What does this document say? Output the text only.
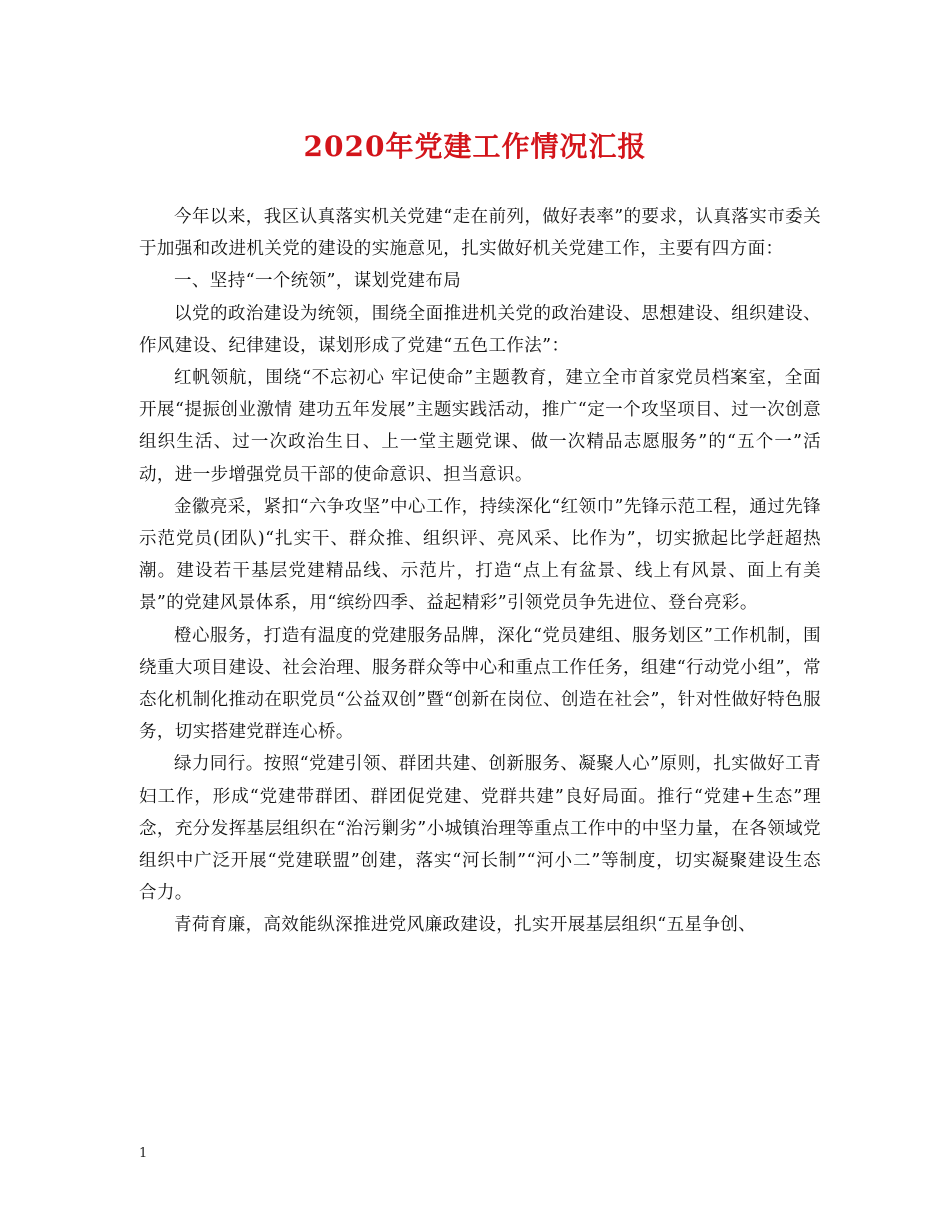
2020年党建工作情况汇报

今年以来，我区认真落实机关党建“走在前列，做好表率”的要求，认真落实市委关于加强和改进机关党的建设的实施意见，扎实做好机关党建工作，主要有四方面：

一、坚持“一个统领”，谋划党建布局

以党的政治建设为统领，围绕全面推进机关党的政治建设、思想建设、组织建设、作风建设、纪律建设，谋划形成了党建“五色工作法”：

红帆领航，围绕“不忘初心 牢记使命”主题教育，建立全市首家党员档案室，全面开展“提振创业激情 建功五年发展”主题实践活动，推广“定一个攻坚项目、过一次创意组织生活、过一次政治生日、上一堂主题党课、做一次精品志愿服务”的“五个一”活动，进一步增强党员干部的使命意识、担当意识。

金徽亮采，紧扣“六争攻坚”中心工作，持续深化“红领巾”先锋示范工程，通过先锋示范党员(团队)“扎实干、群众推、组织评、亮风采、比作为”，切实掀起比学赶超热潮。建设若干基层党建精品线、示范片，打造“点上有盆景、线上有风景、面上有美景”的党建风景体系，用“缤纷四季、益起精彩”引领党员争先进位、登台亮彩。

橙心服务，打造有温度的党建服务品牌，深化“党员建组、服务划区”工作机制，围绕重大项目建设、社会治理、服务群众等中心和重点工作任务，组建“行动党小组”，常态化机制化推动在职党员“公益双创”暨“创新在岗位、创造在社会”，针对性做好特色服务，切实搭建党群连心桥。

绿力同行。按照“党建引领、群团共建、创新服务、凝聚人心”原则，扎实做好工青妇工作，形成“党建带群团、群团促党建、党群共建”良好局面。推行“党建+生态”理念，充分发挥基层组织在“治污剿劣”小城镇治理等重点工作中的中坚力量，在各领域党组织中广泛开展“党建联盟”创建，落实“河长制”“河小二”等制度，切实凝聚建设生态合力。

青荷育廉，高效能纵深推进党风廉政建设，扎实开展基层组织“五星争创、

1
